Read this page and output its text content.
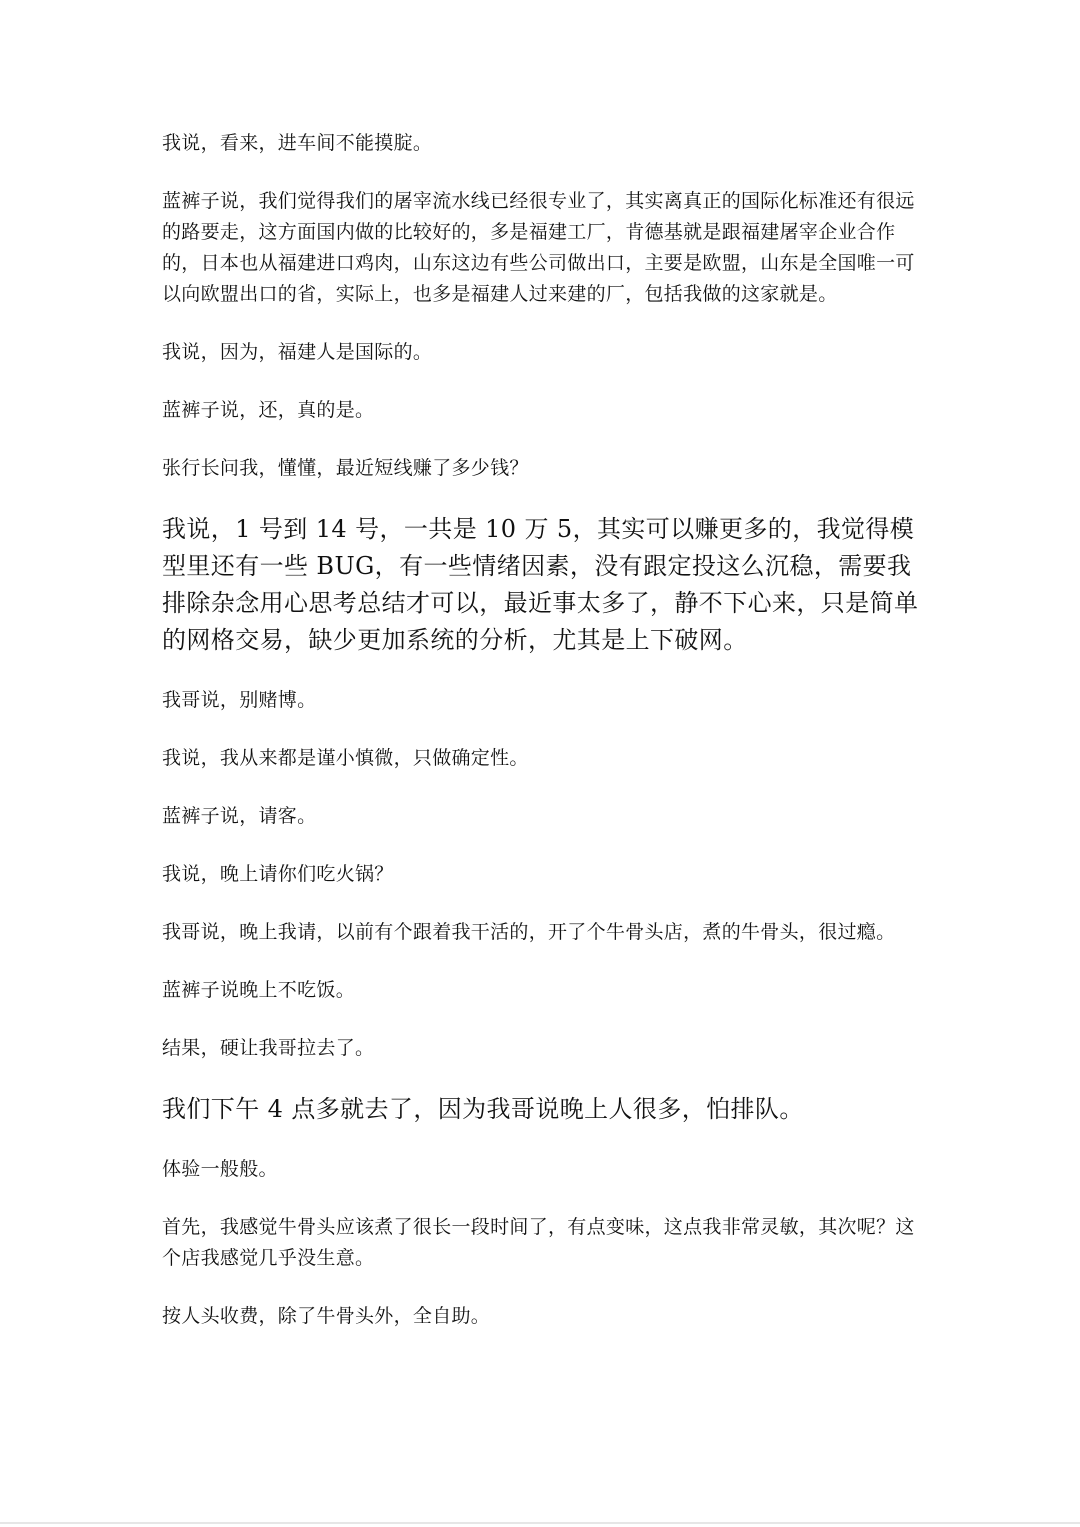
我说，看来，进车间不能摸腚。

蓝裤子说，我们觉得我们的屠宰流水线已经很专业了，其实离真正的国际化标准还有很远的路要走，这方面国内做的比较好的，多是福建工厂，肯德基就是跟福建屠宰企业合作的，日本也从福建进口鸡肉，山东这边有些公司做出口，主要是欧盟，山东是全国唯一可以向欧盟出口的省，实际上，也多是福建人过来建的厂，包括我做的这家就是。

我说，因为，福建人是国际的。

蓝裤子说，还，真的是。

张行长问我，懂懂，最近短线赚了多少钱？

我说，1 号到 14 号，一共是 10 万 5，其实可以赚更多的，我觉得模型里还有一些 BUG，有一些情绪因素，没有跟定投这么沉稳，需要我排除杂念用心思考总结才可以，最近事太多了，静不下心来，只是简单的网格交易，缺少更加系统的分析，尤其是上下破网。

我哥说，别赌博。

我说，我从来都是谨小慎微，只做确定性。

蓝裤子说，请客。

我说，晚上请你们吃火锅？

我哥说，晚上我请，以前有个跟着我干活的，开了个牛骨头店，煮的牛骨头，很过瘾。

蓝裤子说晚上不吃饭。

结果，硬让我哥拉去了。

我们下午 4 点多就去了，因为我哥说晚上人很多，怕排队。

体验一般般。

首先，我感觉牛骨头应该煮了很长一段时间了，有点变味，这点我非常灵敏，其次呢？这个店我感觉几乎没生意。

按人头收费，除了牛骨头外，全自助。
